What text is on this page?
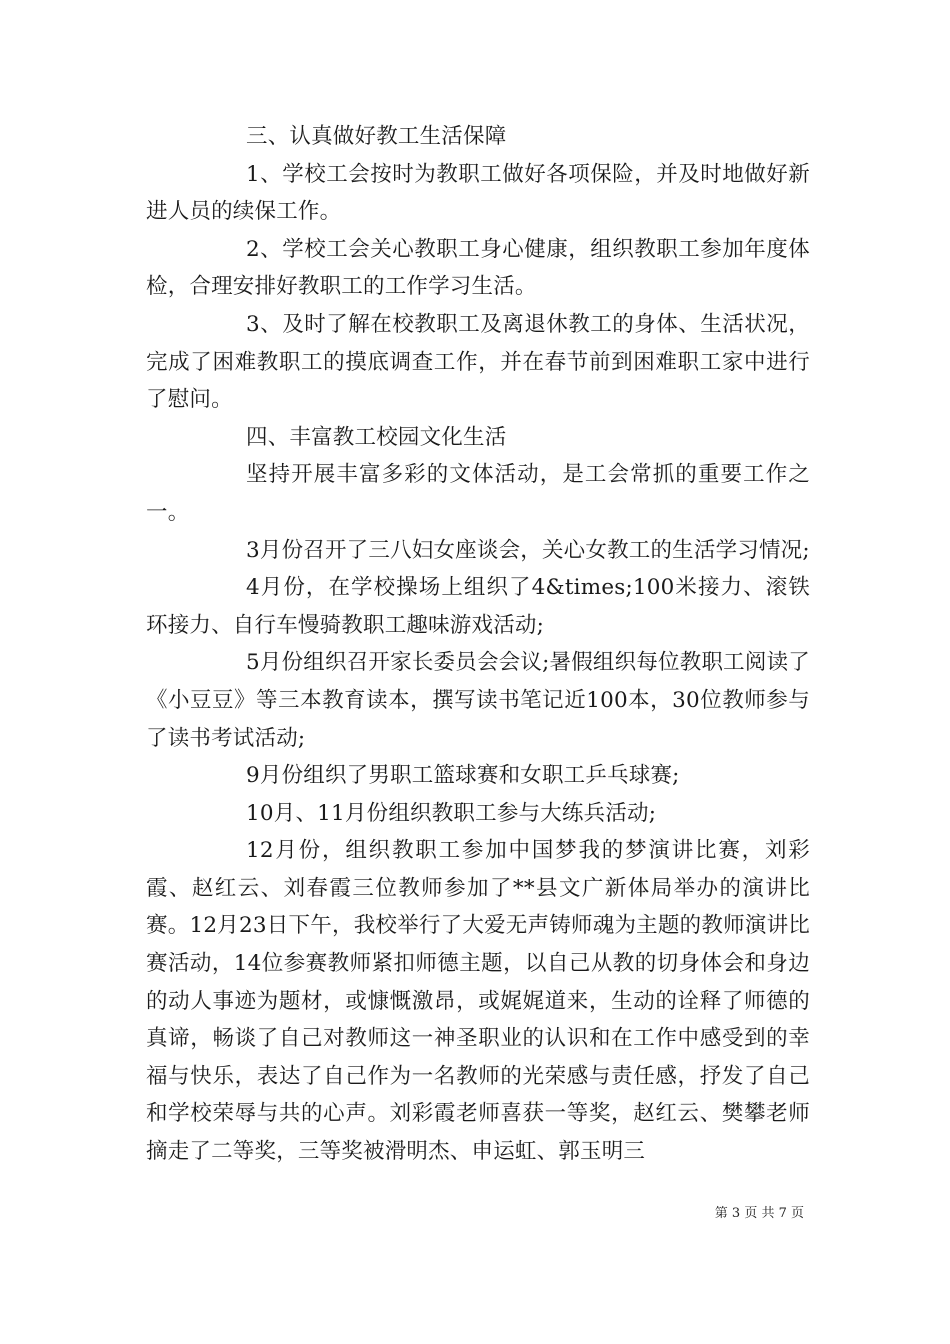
三、认真做好教工生活保障

1、学校工会按时为教职工做好各项保险，并及时地做好新进人员的续保工作。

2、学校工会关心教职工身心健康，组织教职工参加年度体检，合理安排好教职工的工作学习生活。

3、及时了解在校教职工及离退休教工的身体、生活状况，完成了困难教职工的摸底调查工作，并在春节前到困难职工家中进行了慰问。

四、丰富教工校园文化生活

坚持开展丰富多彩的文体活动，是工会常抓的重要工作之一。

3月份召开了三八妇女座谈会，关心女教工的生活学习情况;

4月份，在学校操场上组织了4&times;100米接力、滚铁环接力、自行车慢骑教职工趣味游戏活动;

5月份组织召开家长委员会会议;暑假组织每位教职工阅读了《小豆豆》等三本教育读本，撰写读书笔记近100本，30位教师参与了读书考试活动;

9月份组织了男职工篮球赛和女职工乒乓球赛;

10月、11月份组织教职工参与大练兵活动;

12月份，组织教职工参加中国梦我的梦演讲比赛，刘彩霞、赵红云、刘春霞三位教师参加了**县文广新体局举办的演讲比赛。12月23日下午，我校举行了大爱无声铸师魂为主题的教师演讲比赛活动，14位参赛教师紧扣师德主题，以自己从教的切身体会和身边的动人事迹为题材，或慷慨激昂，或娓娓道来，生动的诠释了师德的真谛，畅谈了自己对教师这一神圣职业的认识和在工作中感受到的幸福与快乐，表达了自己作为一名教师的光荣感与责任感，抒发了自己和学校荣辱与共的心声。刘彩霞老师喜获一等奖，赵红云、樊攀老师摘走了二等奖，三等奖被滑明杰、申运虹、郭玉明三

第 3 页 共 7 页
